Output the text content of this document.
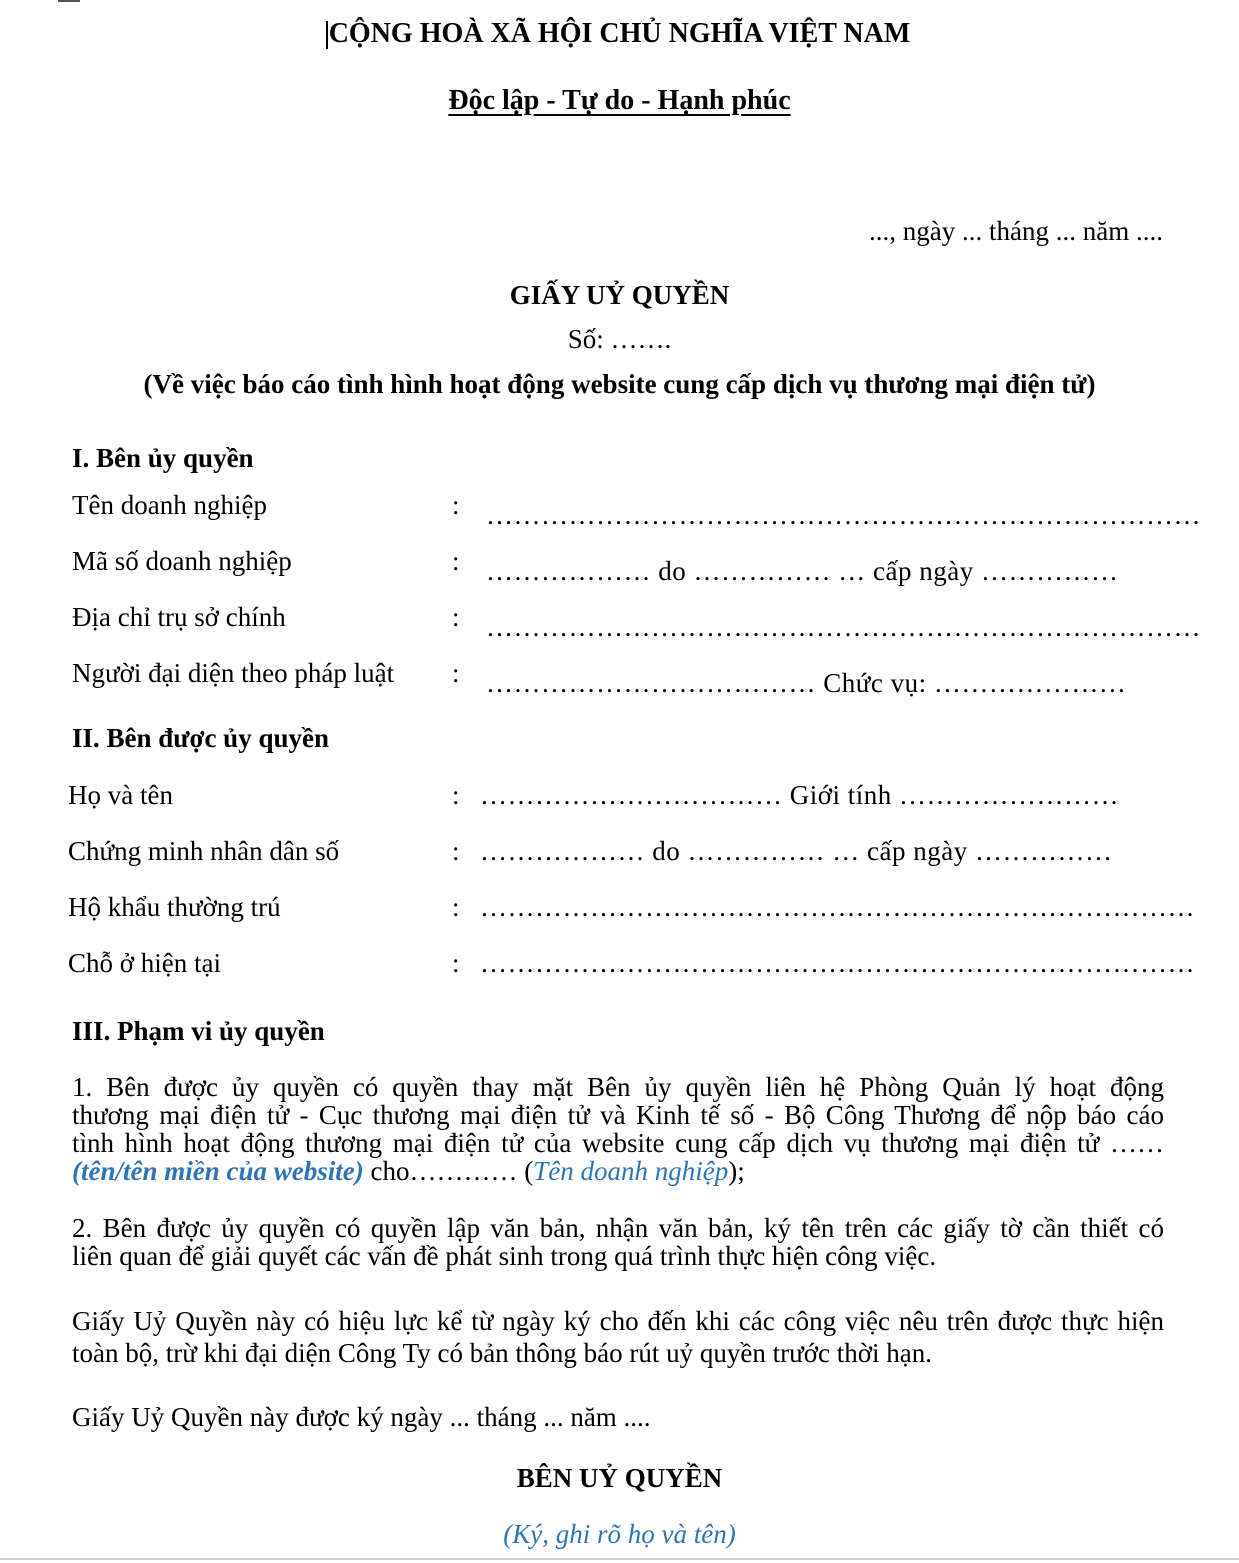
CỘNG HOÀ XÃ HỘI CHỦ NGHĨA VIỆT NAM
Độc lập - Tự do - Hạnh phúc
..., ngày ... tháng ... năm ....
GIẤY UỶ QUYỀN
Số: …….
(Về việc báo cáo tình hình hoạt động website cung cấp dịch vụ thương mại điện tử)
I. Bên ủy quyền
Tên doanh nghiệp	: ……………………………………………………………………
Mã số doanh nghiệp	: ……………… do …………… … cấp ngày ……………
Địa chỉ trụ sở chính	: ……………………………………………………………………
Người đại diện theo pháp luật : ……………………………… Chức vụ: …………………
II. Bên được ủy quyền
Họ và tên	: …………………………… Giới tính ……………………
Chứng minh nhân dân số	: ……………… do …………… … cấp ngày ……………
Hộ khẩu thường trú	: ……………………………………………………………………
Chỗ ở hiện tại	: ……………………………………………………………………
III. Phạm vi ủy quyền
1. Bên được ủy quyền có quyền thay mặt Bên ủy quyền liên hệ Phòng Quản lý hoạt động
thương mại điện tử - Cục thương mại điện tử và Kinh tế số - Bộ Công Thương để nộp báo cáo
tình hình hoạt động thương mại điện tử của website cung cấp dịch vụ thương mại điện tử ……
(tên/tên miền của website) cho………… (Tên doanh nghiệp);
2. Bên được ủy quyền có quyền lập văn bản, nhận văn bản, ký tên trên các giấy tờ cần thiết có
liên quan để giải quyết các vấn đề phát sinh trong quá trình thực hiện công việc.
Giấy Uỷ Quyền này có hiệu lực kể từ ngày ký cho đến khi các công việc nêu trên được thực hiện
toàn bộ, trừ khi đại diện Công Ty có bản thông báo rút uỷ quyền trước thời hạn.
Giấy Uỷ Quyền này được ký ngày ... tháng ... năm ....
BÊN UỶ QUYỀN
(Ký, ghi rõ họ và tên)
